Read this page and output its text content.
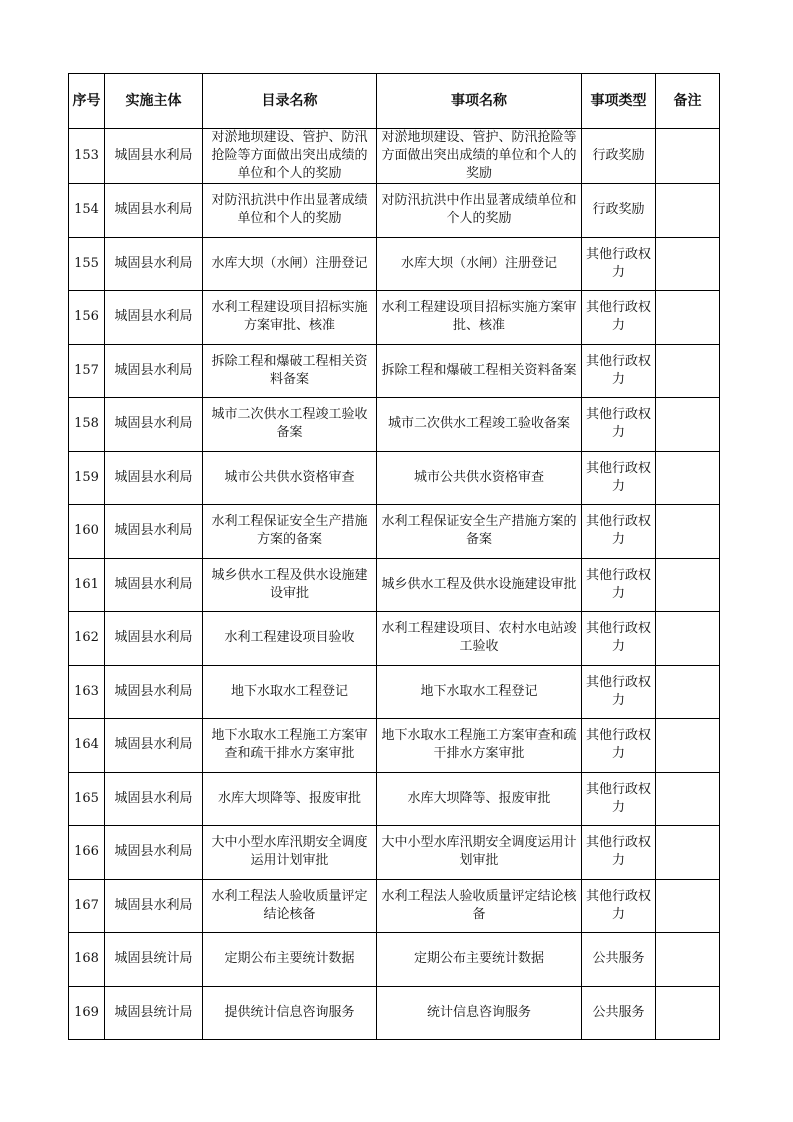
序号	实施主体	目录名称	事项名称	事项类型	备注
153	城固县水利局	对淤地坝建设、管护、防汛抢险等方面做出突出成绩的单位和个人的奖励	对淤地坝建设、管护、防汛抢险等方面做出突出成绩的单位和个人的奖励	行政奖励	
154	城固县水利局	对防汛抗洪中作出显著成绩单位和个人的奖励	对防汛抗洪中作出显著成绩单位和个人的奖励	行政奖励	
155	城固县水利局	水库大坝（水闸）注册登记	水库大坝（水闸）注册登记	其他行政权力	
156	城固县水利局	水利工程建设项目招标实施方案审批、核准	水利工程建设项目招标实施方案审批、核准	其他行政权力	
157	城固县水利局	拆除工程和爆破工程相关资料备案	拆除工程和爆破工程相关资料备案	其他行政权力	
158	城固县水利局	城市二次供水工程竣工验收备案	城市二次供水工程竣工验收备案	其他行政权力	
159	城固县水利局	城市公共供水资格审查	城市公共供水资格审查	其他行政权力	
160	城固县水利局	水利工程保证安全生产措施方案的备案	水利工程保证安全生产措施方案的备案	其他行政权力	
161	城固县水利局	城乡供水工程及供水设施建设审批	城乡供水工程及供水设施建设审批	其他行政权力	
162	城固县水利局	水利工程建设项目验收	水利工程建设项目、农村水电站竣工验收	其他行政权力	
163	城固县水利局	地下水取水工程登记	地下水取水工程登记	其他行政权力	
164	城固县水利局	地下水取水工程施工方案审查和疏干排水方案审批	地下水取水工程施工方案审查和疏干排水方案审批	其他行政权力	
165	城固县水利局	水库大坝降等、报废审批	水库大坝降等、报废审批	其他行政权力	
166	城固县水利局	大中小型水库汛期安全调度运用计划审批	大中小型水库汛期安全调度运用计划审批	其他行政权力	
167	城固县水利局	水利工程法人验收质量评定结论核备	水利工程法人验收质量评定结论核备	其他行政权力	
168	城固县统计局	定期公布主要统计数据	定期公布主要统计数据	公共服务	
169	城固县统计局	提供统计信息咨询服务	统计信息咨询服务	公共服务	
